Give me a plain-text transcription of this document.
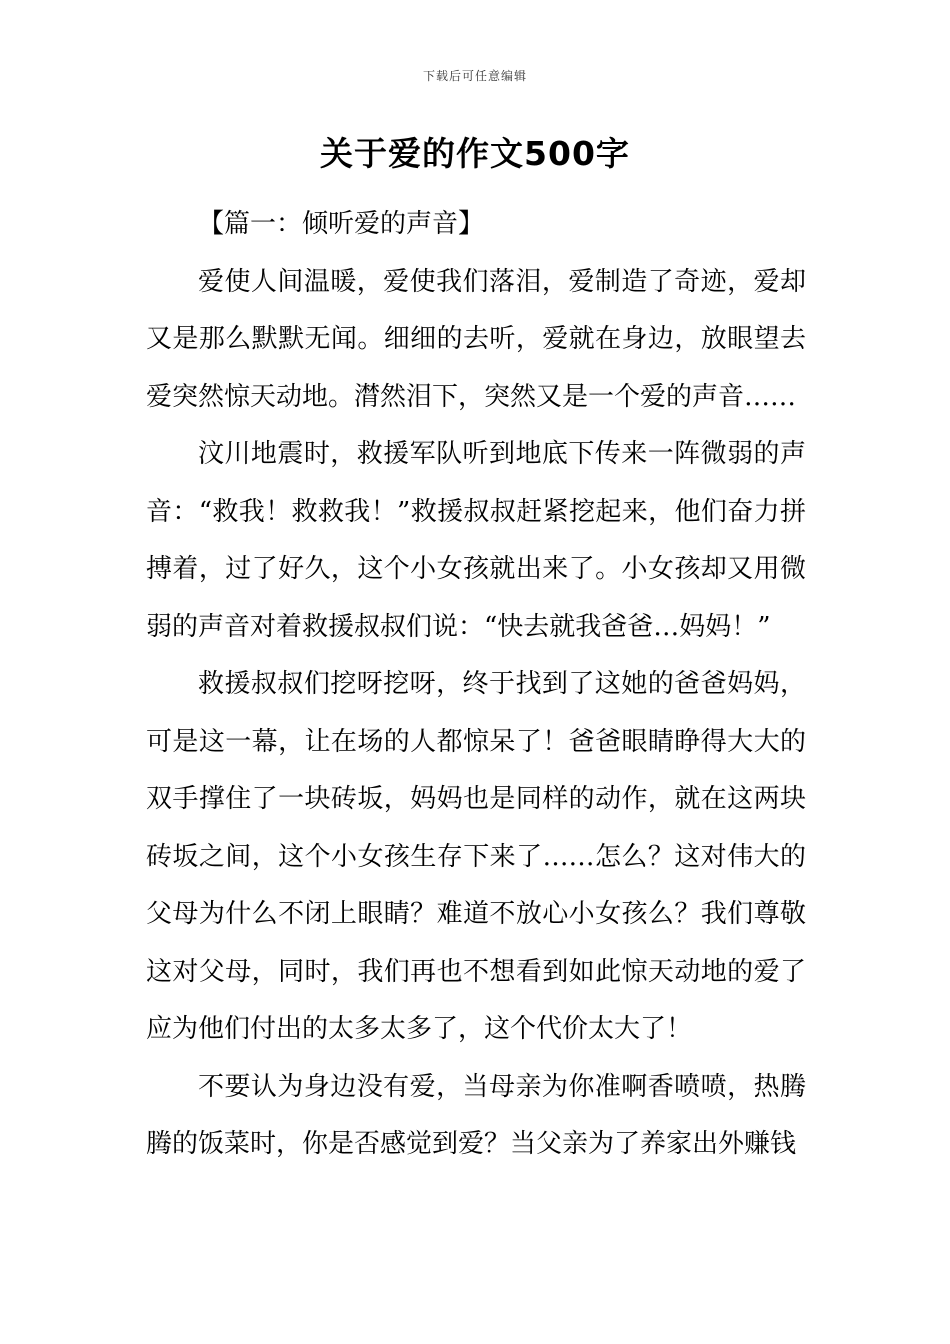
下载后可任意编辑
关于爱的作文500字

【篇一：倾听爱的声音】

爱使人间温暖，爱使我们落泪，爱制造了奇迹，爱却又是那么默默无闻。细细的去听，爱就在身边，放眼望去爱突然惊天动地。潸然泪下，突然又是一个爱的声音……

汶川地震时，救援军队听到地底下传来一阵微弱的声音：“救我！救救我！”救援叔叔赶紧挖起来，他们奋力拼搏着，过了好久，这个小女孩就出来了。小女孩却又用微弱的声音对着救援叔叔们说：“快去就我爸爸…妈妈！”

救援叔叔们挖呀挖呀，终于找到了这她的爸爸妈妈，可是这一幕，让在场的人都惊呆了！爸爸眼睛睁得大大的双手撑住了一块砖坂，妈妈也是同样的动作，就在这两块砖坂之间，这个小女孩生存下来了……怎么？这对伟大的父母为什么不闭上眼睛？难道不放心小女孩么？我们尊敬这对父母，同时，我们再也不想看到如此惊天动地的爱了应为他们付出的太多太多了，这个代价太大了！

不要认为身边没有爱，当母亲为你准啊香喷喷，热腾腾的饭菜时，你是否感觉到爱？当父亲为了养家出外赚钱
